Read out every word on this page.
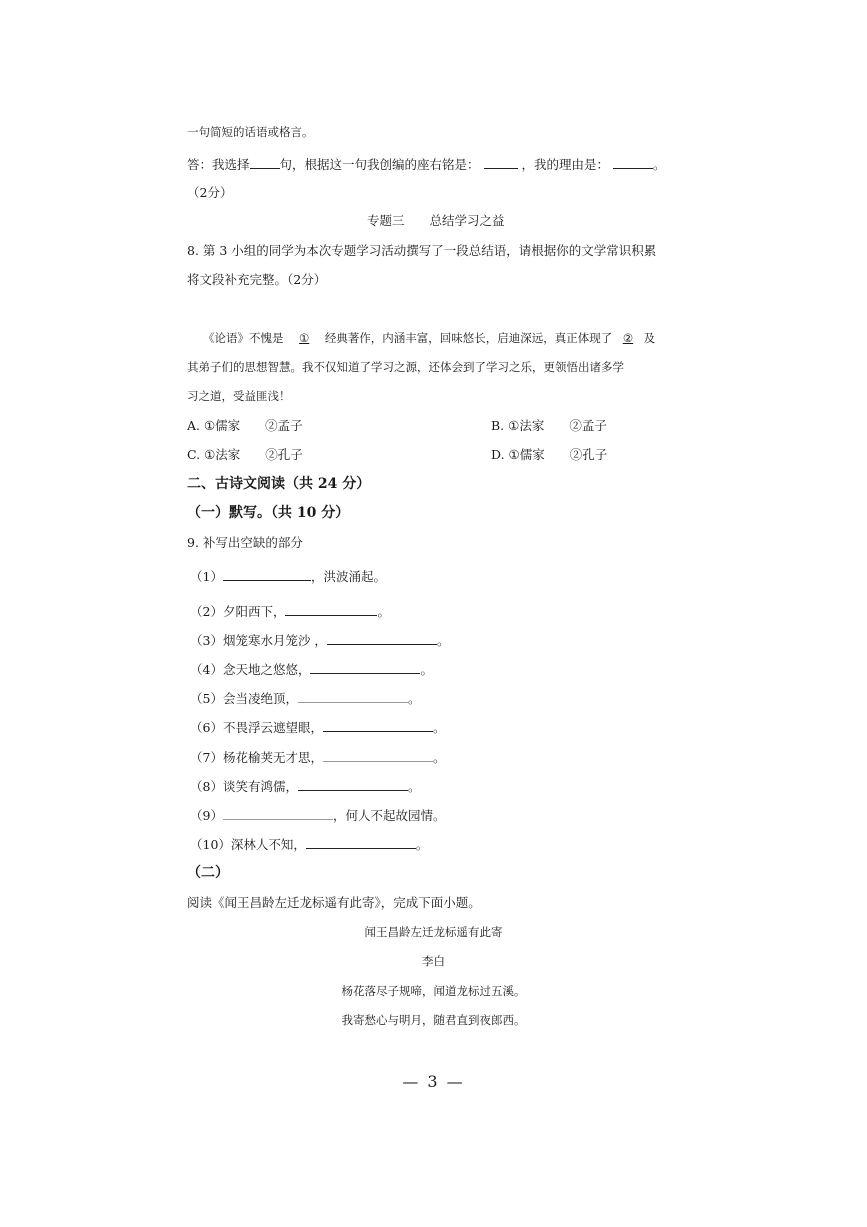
一句简短的话语或格言。
答：我选择 句，根据这一句我创编的座右铭是：	，我的理由是：	。
（2分）
专题三　　总结学习之益
8. 第 3 小组的同学为本次专题学习活动撰写了一段总结语，请根据你的文学常识积累
将文段补充完整。（2分）
《论语》不愧是 ① 经典著作，内涵丰富，回味悠长，启迪深远，真正体现了 ② 及
其弟子们的思想智慧。我不仅知道了学习之源，还体会到了学习之乐，更领悟出诸多学
习之道，受益匪浅！
A. ①儒家　　②孟子	B. ①法家　　②孟子
C. ①法家　　②孔子	D. ①儒家　　②孔子
二、古诗文阅读（共 24 分）
（一）默写。（共 10 分）
9. 补写出空缺的部分
（1）	，洪波涌起。
（2）夕阳西下，	。
（3）烟笼寒水月笼沙 ，	。
（4）念天地之悠悠，	。
（5）会当凌绝顶，	。
（6）不畏浮云遮望眼，	。
（7）杨花榆荚无才思，	。
（8）谈笑有鸿儒，	。
（9）	，何人不起故园情。
（10）深林人不知，	。
（二）
阅读《闻王昌龄左迁龙标遥有此寄》，完成下面小题。
闻王昌龄左迁龙标遥有此寄
李白
杨花落尽子规啼，闻道龙标过五溪。
我寄愁心与明月，随君直到夜郎西。
— 3 —
